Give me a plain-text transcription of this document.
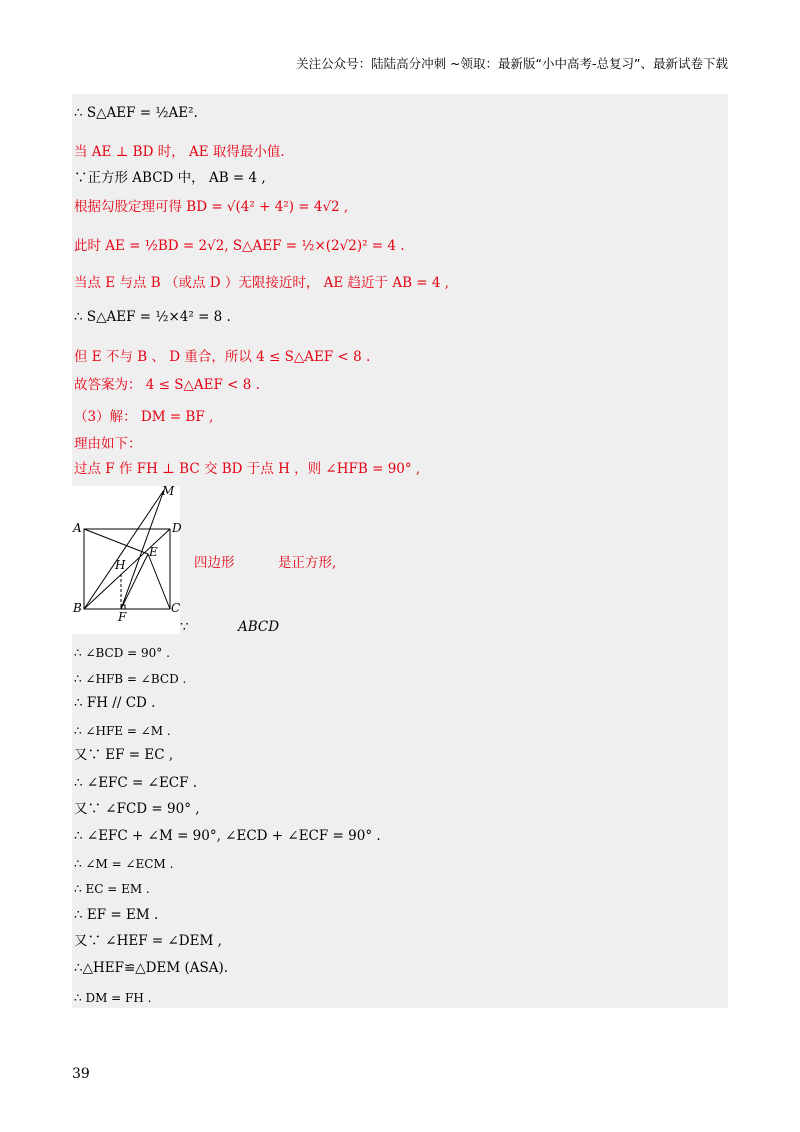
关注公众号：陆陆高分冲刺 ~领取：最新版“小中高考-总复习”、最新试卷下载
∴ S△AEF = ½AE².
当 AE ⊥ BD 时， AE 取得最小值.
∵正方形 ABCD 中， AB = 4 ,
根据勾股定理可得 BD = √(4² + 4²) = 4√2 ,
此时 AE = ½BD = 2√2, S△AEF = ½×(2√2)² = 4 .
当点 E 与点 B （或点 D ）无限接近时， AE 趋近于 AB = 4 ,
∴ S△AEF = ½×4² = 8 .
但 E 不与 B 、 D 重合，所以 4 ≤ S△AEF < 8 .
故答案为： 4 ≤ S△AEF < 8 .
（3）解： DM = BF ,
理由如下：
过点 F 作 FH ⊥ BC 交 BD 于点 H ，则 ∠HFB = 90° ,
M
A	D
E
H
B
F
C
四边形	是正方形,
∵	ABCD
∴ ∠BCD = 90° .
∴ ∠HFB = ∠BCD .
∴ FH // CD .
∴ ∠HFE = ∠M .
又∵ EF = EC ,
∴ ∠EFC = ∠ECF .
又∵ ∠FCD = 90° ,
∴ ∠EFC + ∠M = 90°, ∠ECD + ∠ECF = 90° .
∴ ∠M = ∠ECM .
∴ EC = EM .
∴ EF = EM .
又∵ ∠HEF = ∠DEM ,
∴△HEF≌△DEM (ASA).
∴ DM = FH .
39
